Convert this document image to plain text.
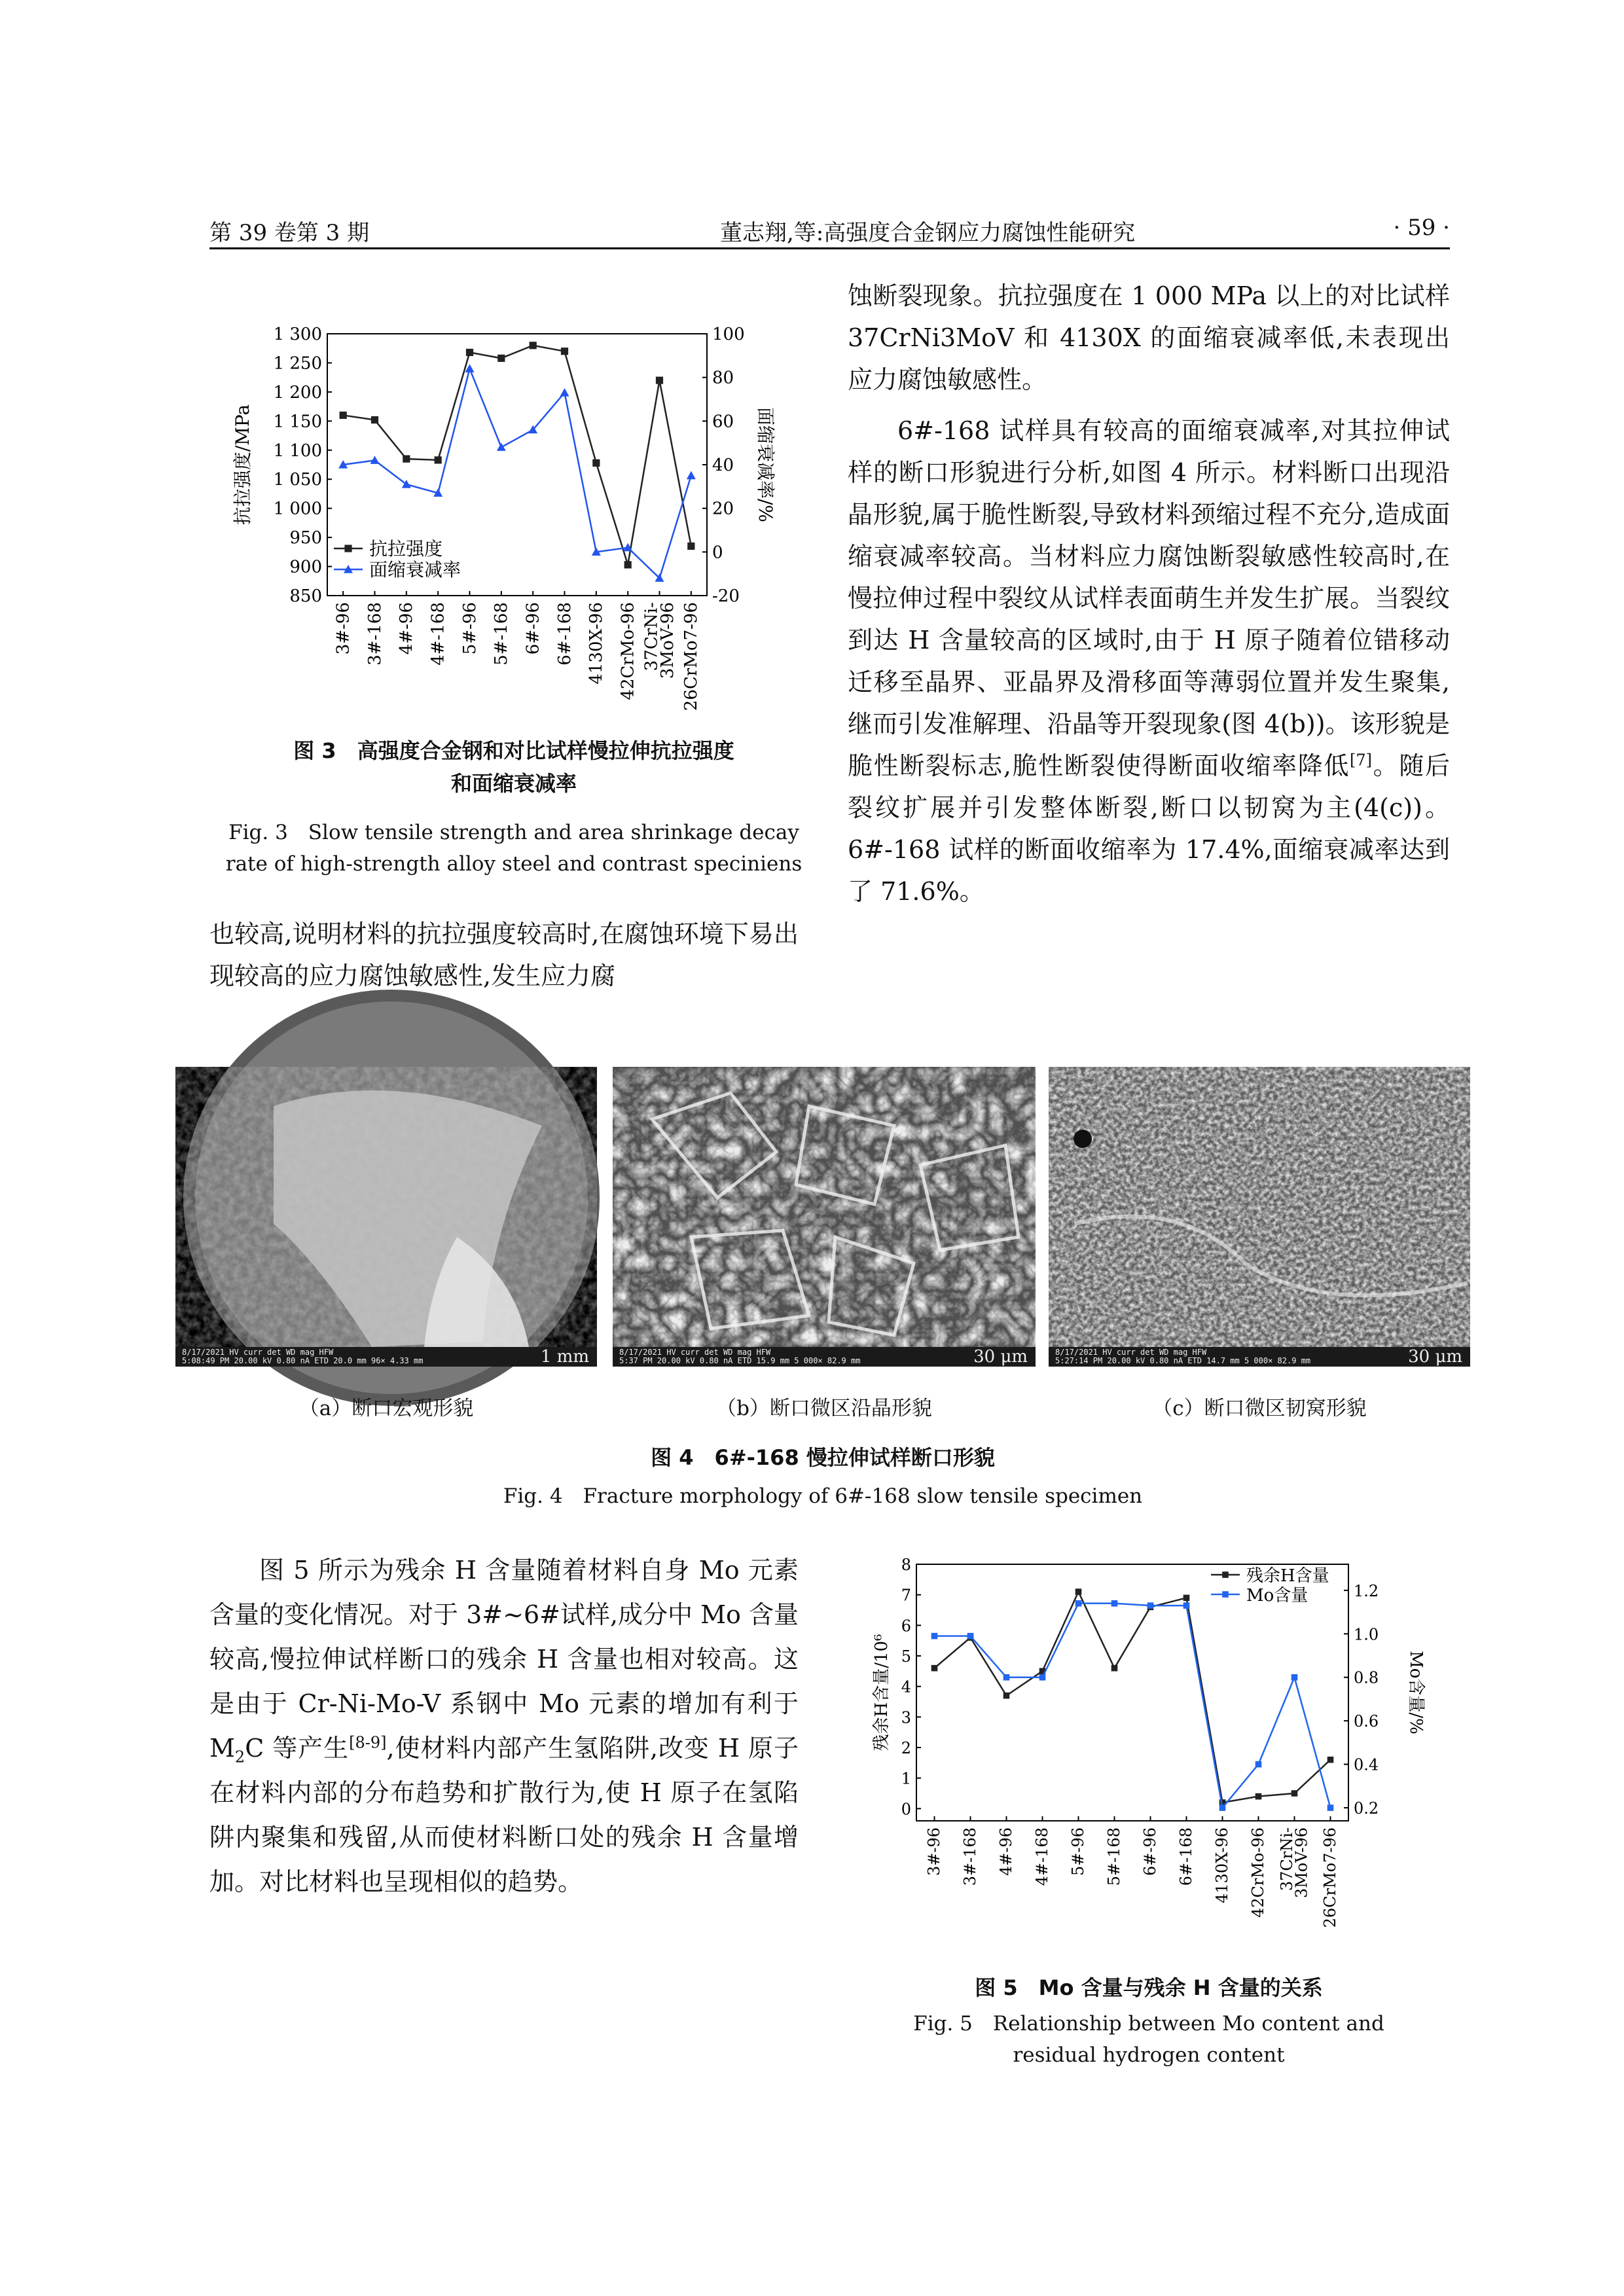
第 39 卷第 3 期	董志翔,等:高强度合金钢应力腐蚀性能研究	· 59 ·
850
900
950
1 000
1 050
1 100
1 150
1 200
1 250
1 300
-20
0
20
40
60
80
100
3#-96 3#-168 4#-96 4#-168 5#-96 5#-168 6#-96 6#-168 4130X-96 42CrMo-96 37CrNi-
3MoV-96 26CrMo7-96
抗拉强度/MPa	面缩衰减率/%
抗拉强度
面缩衰减率
图 3　高强度合金钢和对比试样慢拉伸抗拉强度
和面缩衰减率
Fig. 3　Slow tensile strength and area shrinkage decay
rate of high-strength alloy steel and contrast speciniens

也较高,说明材料的抗拉强度较高时,在腐蚀环境下易出现较高的应力腐蚀敏感性,发生应力腐

蚀断裂现象。抗拉强度在 1 000 MPa 以上的对比试样 37CrNi3MoV 和 4130X 的面缩衰减率低,未表现出应力腐蚀敏感性。

6#-168 试样具有较高的面缩衰减率,对其拉伸试样的断口形貌进行分析,如图 4 所示。材料断口出现沿晶形貌,属于脆性断裂,导致材料颈缩过程不充分,造成面缩衰减率较高。当材料应力腐蚀断裂敏感性较高时,在慢拉伸过程中裂纹从试样表面萌生并发生扩展。当裂纹到达 H 含量较高的区域时,由于 H 原子随着位错移动迁移至晶界、亚晶界及滑移面等薄弱位置并发生聚集,继而引发准解理、沿晶等开裂现象(图 4(b))。该形貌是脆性断裂标志,脆性断裂使得断面收缩率降低[7]。随后裂纹扩展并引发整体断裂,断口以韧窝为主(4(c))。6#-168 试样的断面收缩率为 17.4%,面缩衰减率达到了 71.6%。

8/17/2021 HV curr det WD mag HFW
5:08:49 PM 20.00 kV 0.80 nA ETD 20.0 mm 96× 4.33 mm	1 mm	8/17/2021 HV curr det WD mag HFW
5:37 PM 20.00 kV 0.80 nA ETD 15.9 mm 5 000× 82.9 mm	30 μm	8/17/2021 HV curr det WD mag HFW
5:27:14 PM 20.00 kV 0.80 nA ETD 14.7 mm 5 000× 82.9 mm	30 μm
（a）断口宏观形貌	（b）断口微区沿晶形貌	（c）断口微区韧窝形貌
图 4　6#-168 慢拉伸试样断口形貌
Fig. 4　Fracture morphology of 6#-168 slow tensile specimen

图 5 所示为残余 H 含量随着材料自身 Mo 元素含量的变化情况。对于 3#~6#试样,成分中 Mo 含量较高,慢拉伸试样断口的残余 H 含量也相对较高。这是由于 Cr-Ni-Mo-V 系钢中 Mo 元素的增加有利于 $M_2C$ 等产生[8-9],使材料内部产生氢陷阱,改变 H 原子在材料内部的分布趋势和扩散行为,使 H 原子在氢陷阱内聚集和残留,从而使材料断口处的残余 H 含量增加。对比材料也呈现相似的趋势。

0
1
2
3
4
5
6
7
8
0.2
0.4
0.6
0.8
1.0
1.2
3#-96 3#-168 4#-96 4#-168 5#-96 5#-168 6#-96 6#-168 4130X-96 42CrMo-96 37CrNi-
3MoV-96 26CrMo7-96
残余H含量/10⁶	Mo含量/%
残余H含量
Mo含量
图 5　Mo 含量与残余 H 含量的关系
Fig. 5　Relationship between Mo content and
residual hydrogen content
